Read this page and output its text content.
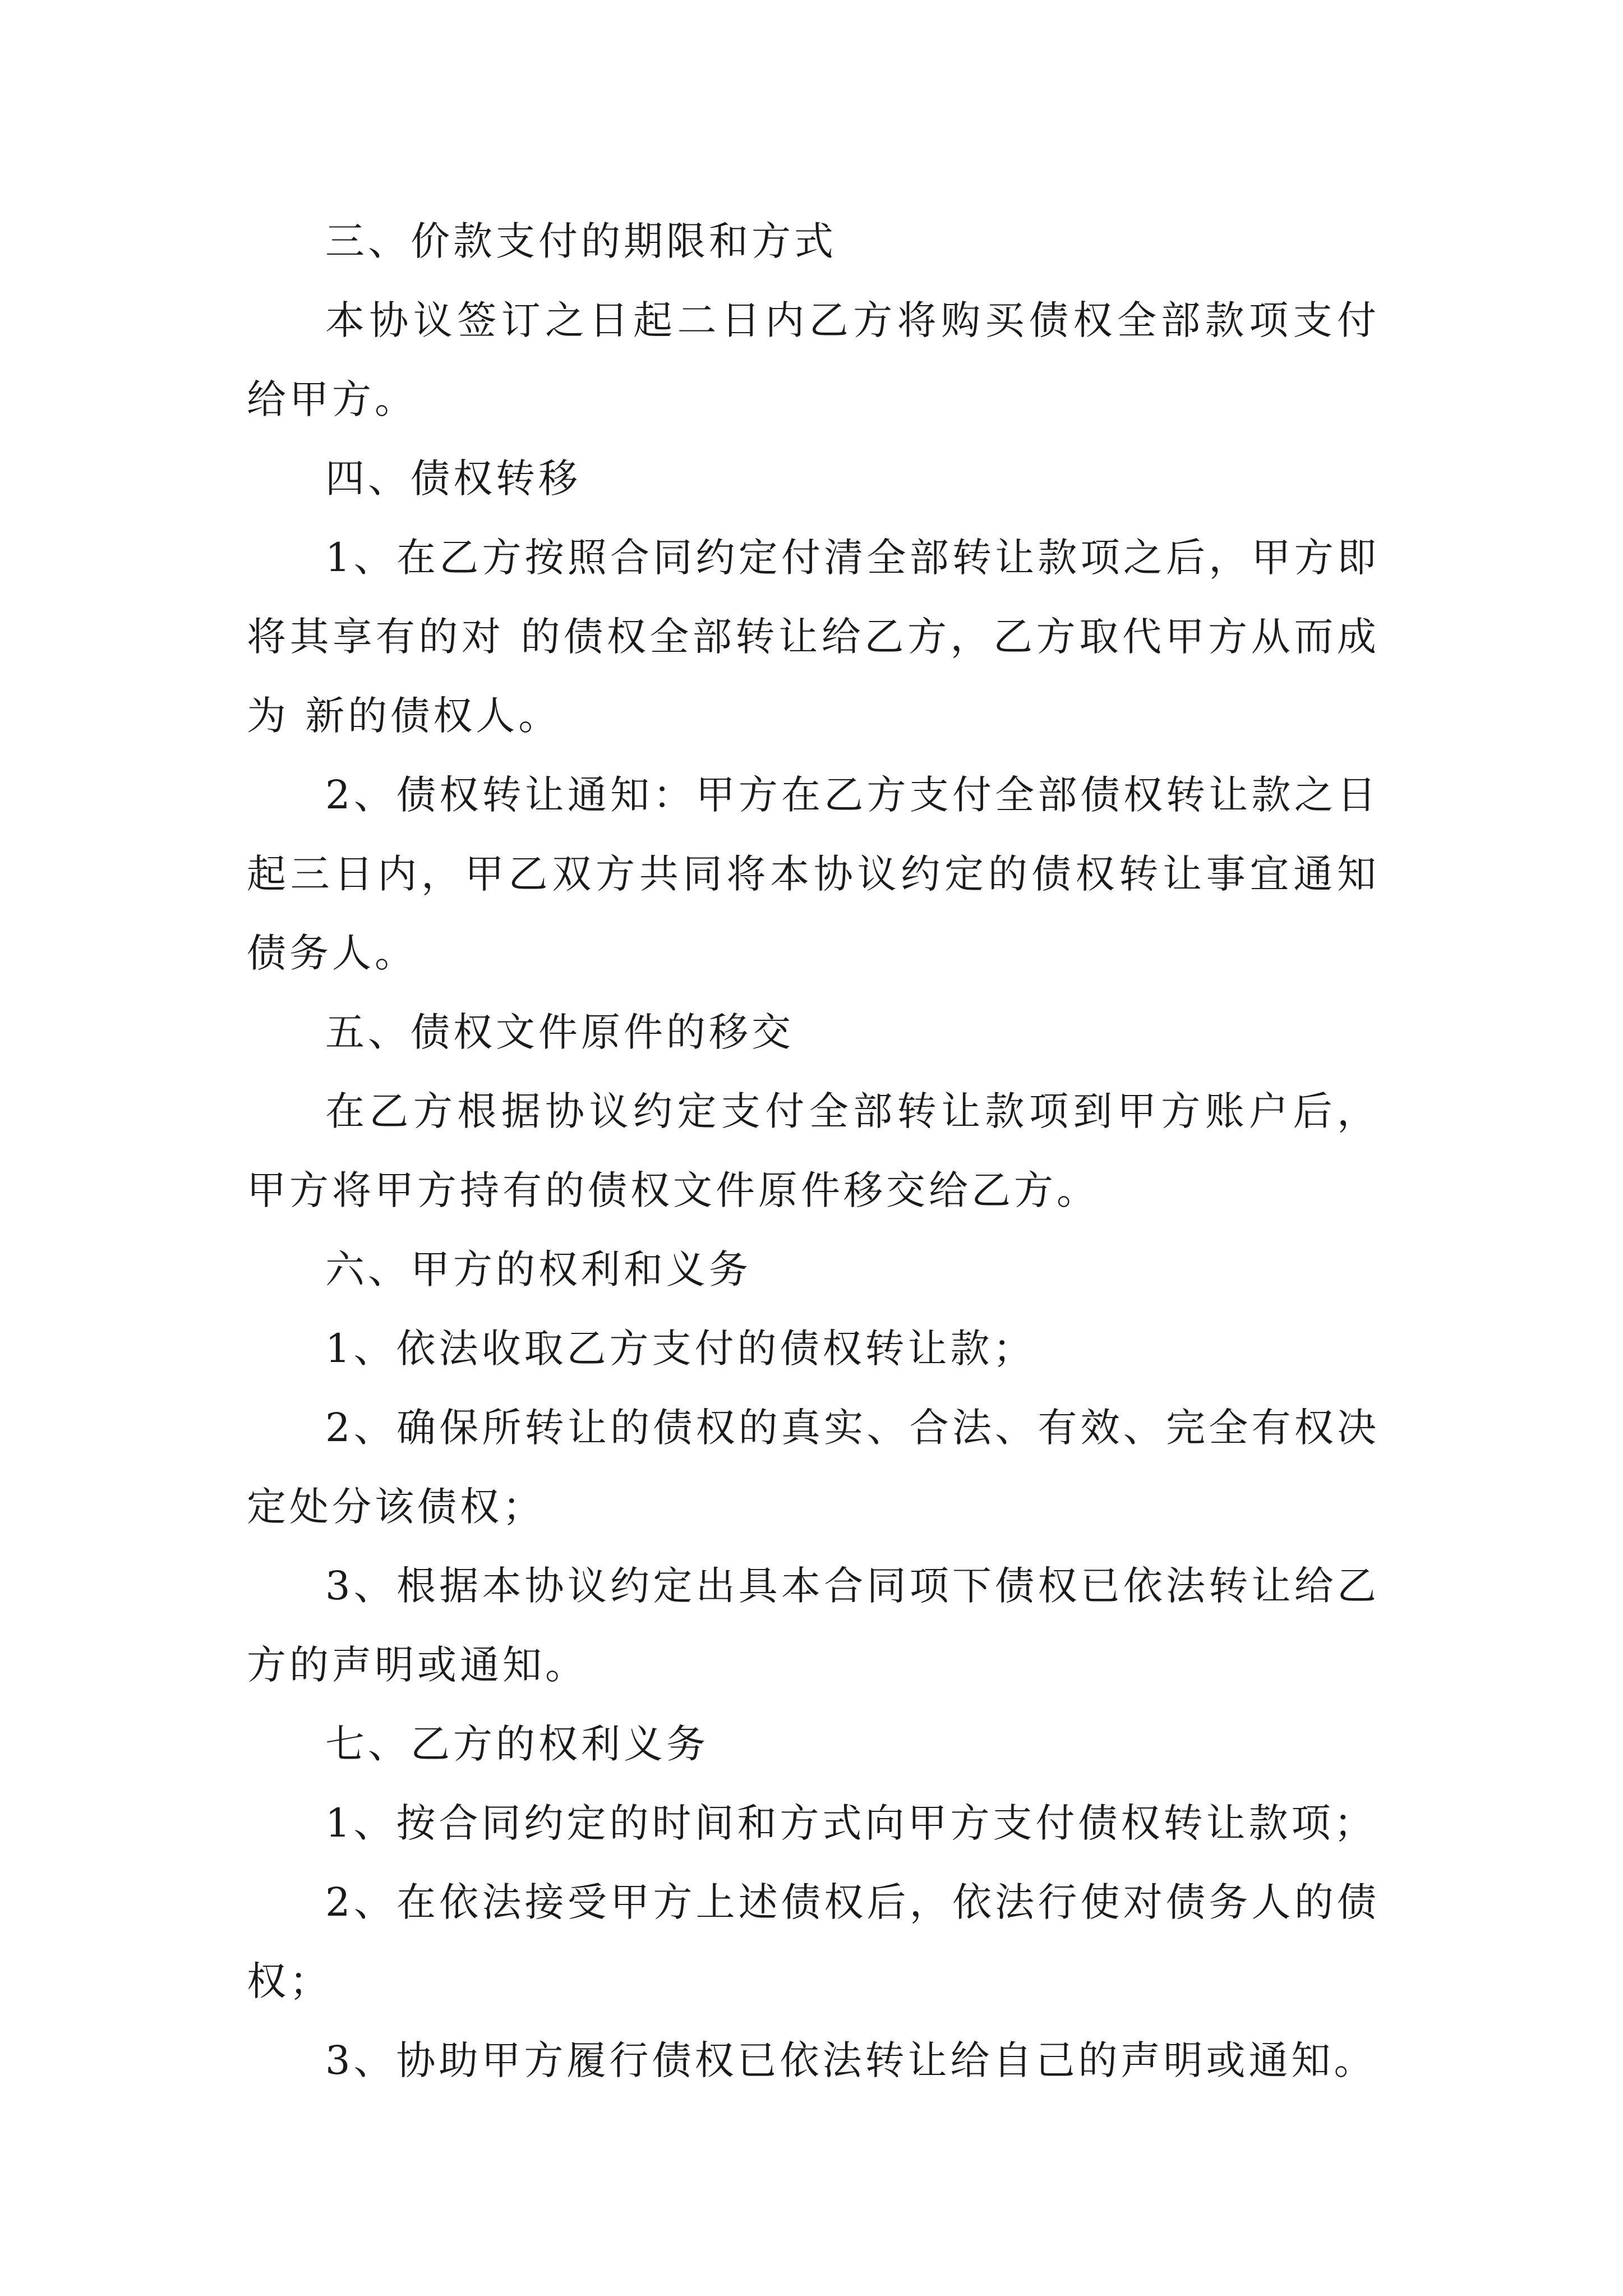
三、价款支付的期限和方式

本协议签订之日起二日内乙方将购买债权全部款项支付给甲方。

四、债权转移

1、在乙方按照合同约定付清全部转让款项之后，甲方即将其享有的对 的债权全部转让给乙方，乙方取代甲方从而成为 新的债权人。

2、债权转让通知：甲方在乙方支付全部债权转让款之日起三日内，甲乙双方共同将本协议约定的债权转让事宜通知债务人。

五、债权文件原件的移交

在乙方根据协议约定支付全部转让款项到甲方账户后，甲方将甲方持有的债权文件原件移交给乙方。

六、甲方的权利和义务

1、依法收取乙方支付的债权转让款；

2、确保所转让的债权的真实、合法、有效、完全有权决定处分该债权；

3、根据本协议约定出具本合同项下债权已依法转让给乙方的声明或通知。

七、乙方的权利义务

1、按合同约定的时间和方式向甲方支付债权转让款项；

2、在依法接受甲方上述债权后，依法行使对债务人的债权；

3、协助甲方履行债权已依法转让给自己的声明或通知。
